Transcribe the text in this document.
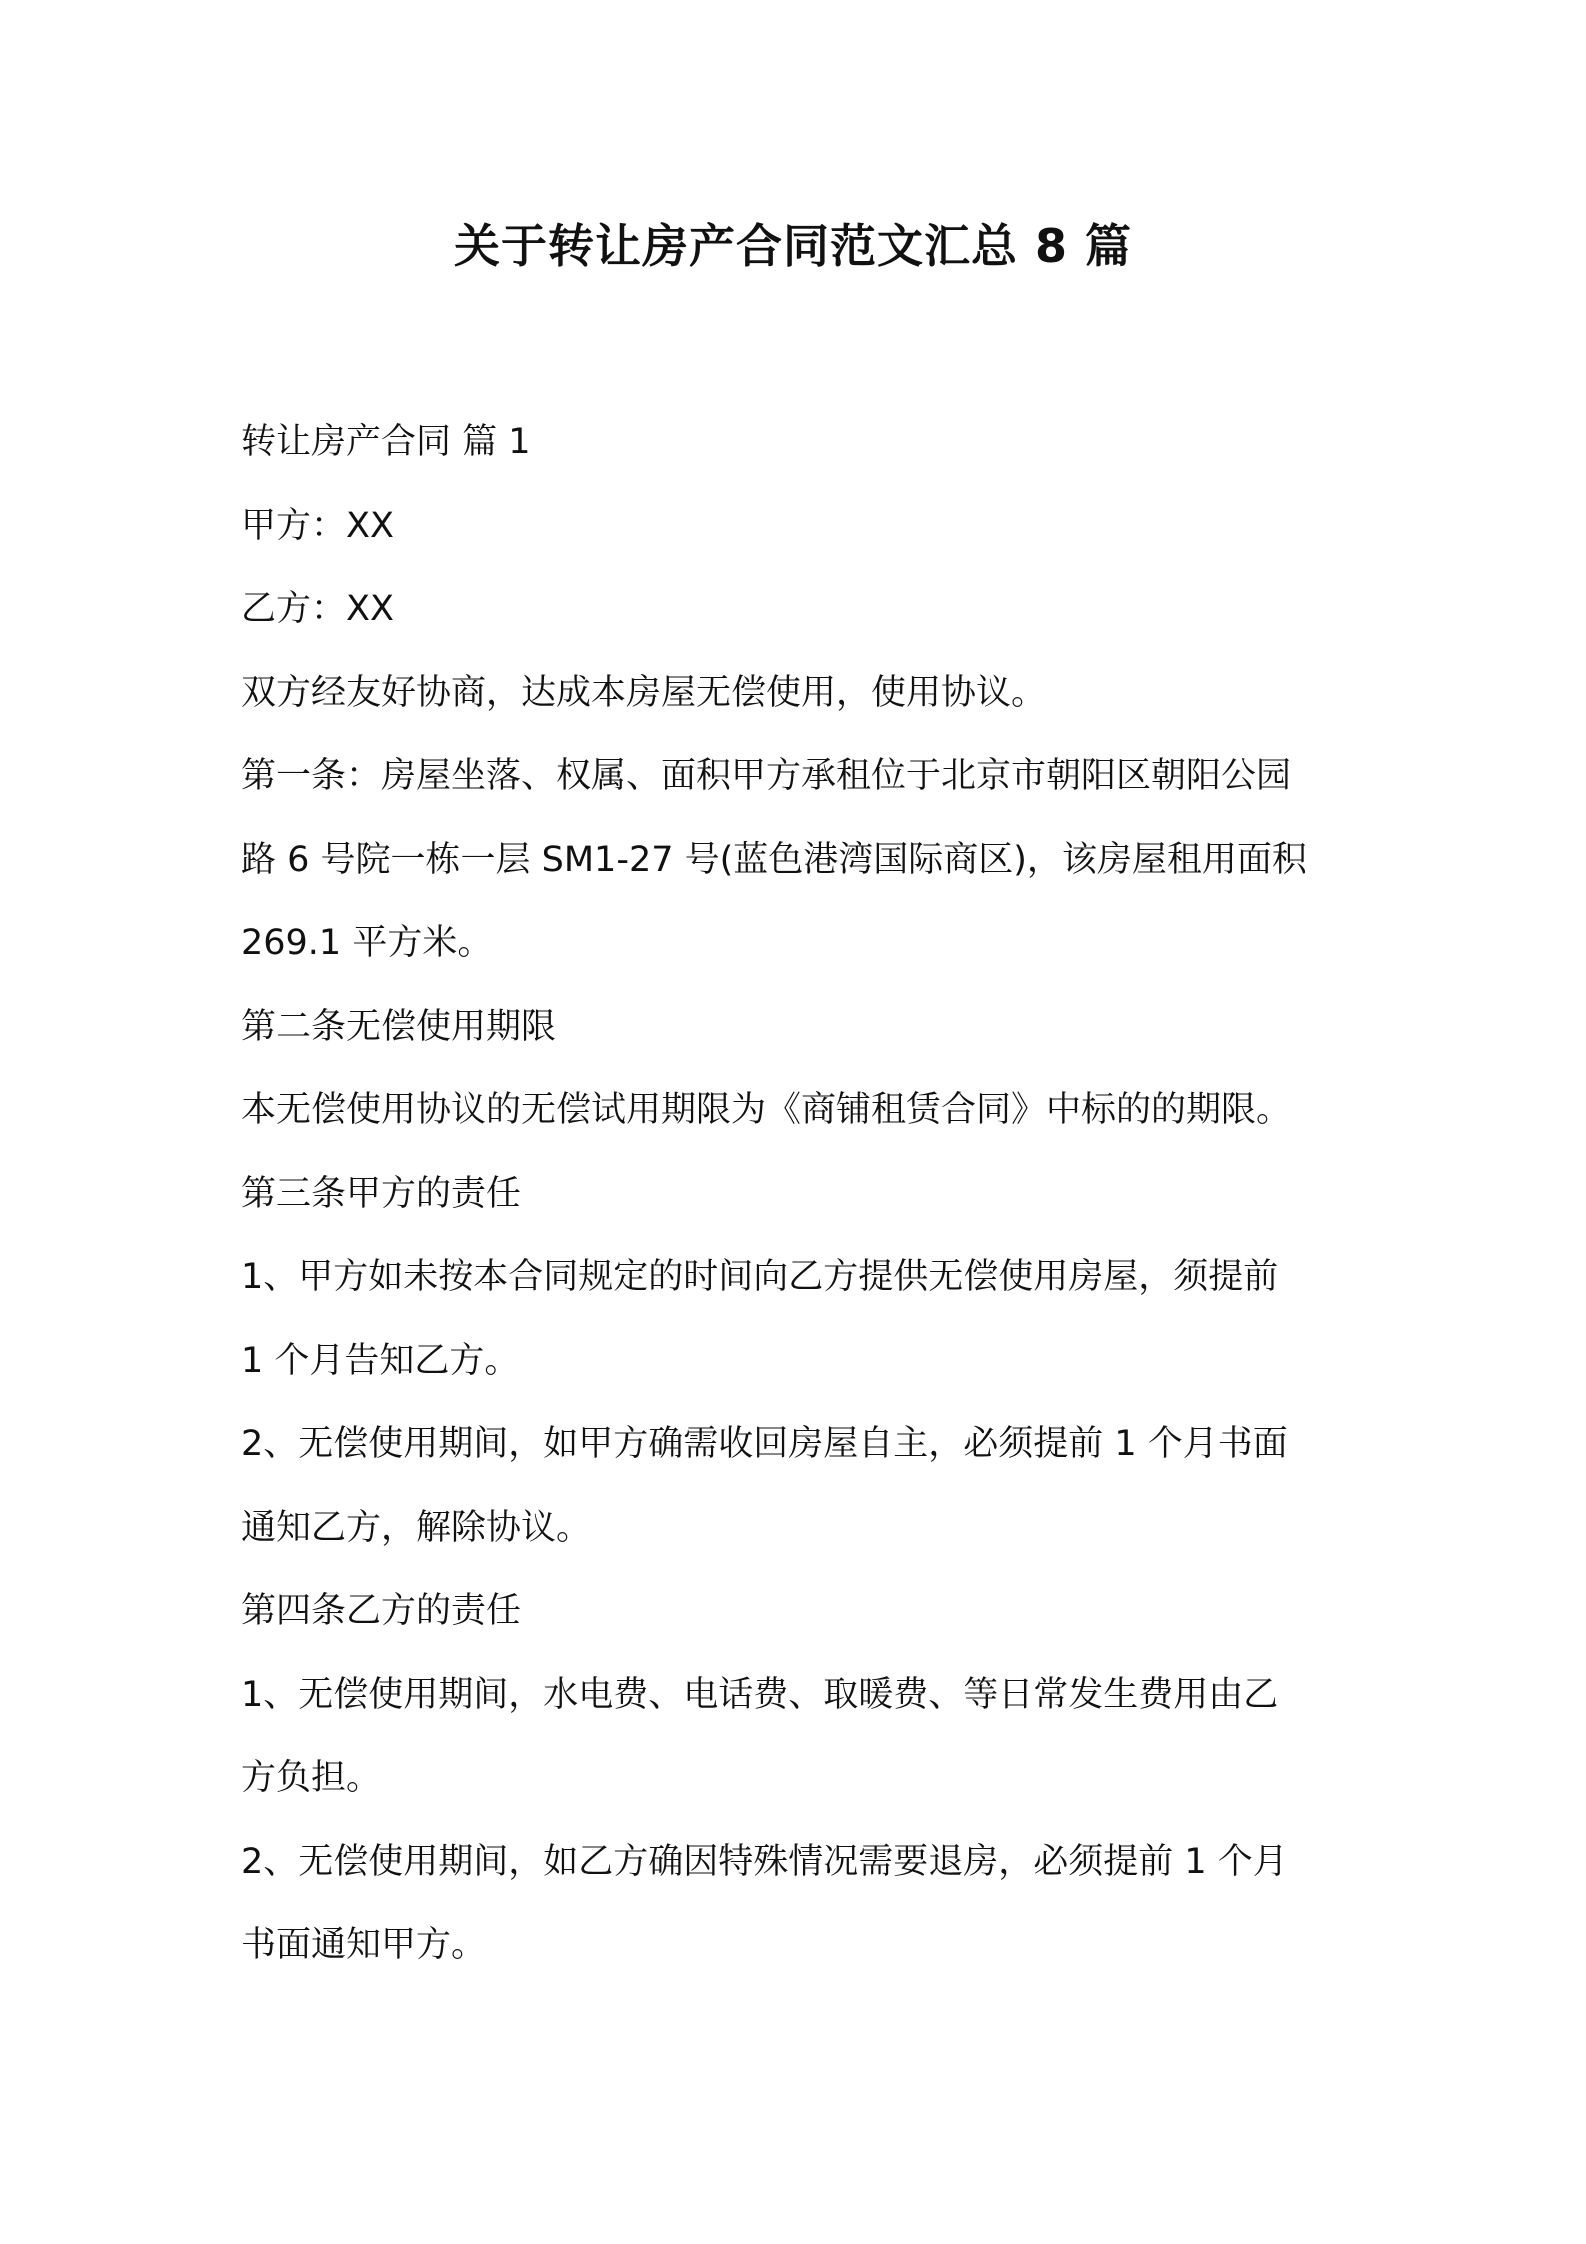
关于转让房产合同范文汇总 8 篇

转让房产合同 篇 1

甲方：XX

乙方：XX

双方经友好协商，达成本房屋无偿使用，使用协议。

第一条：房屋坐落、权属、面积甲方承租位于北京市朝阳区朝阳公园

路 6 号院一栋一层 SM1-27 号(蓝色港湾国际商区)，该房屋租用面积

269.1 平方米。

第二条无偿使用期限

本无偿使用协议的无偿试用期限为《商铺租赁合同》中标的的期限。

第三条甲方的责任

1、甲方如未按本合同规定的时间向乙方提供无偿使用房屋，须提前

1 个月告知乙方。

2、无偿使用期间，如甲方确需收回房屋自主，必须提前 1 个月书面

通知乙方，解除协议。

第四条乙方的责任

1、无偿使用期间，水电费、电话费、取暖费、等日常发生费用由乙

方负担。

2、无偿使用期间，如乙方确因特殊情况需要退房，必须提前 1 个月

书面通知甲方。
